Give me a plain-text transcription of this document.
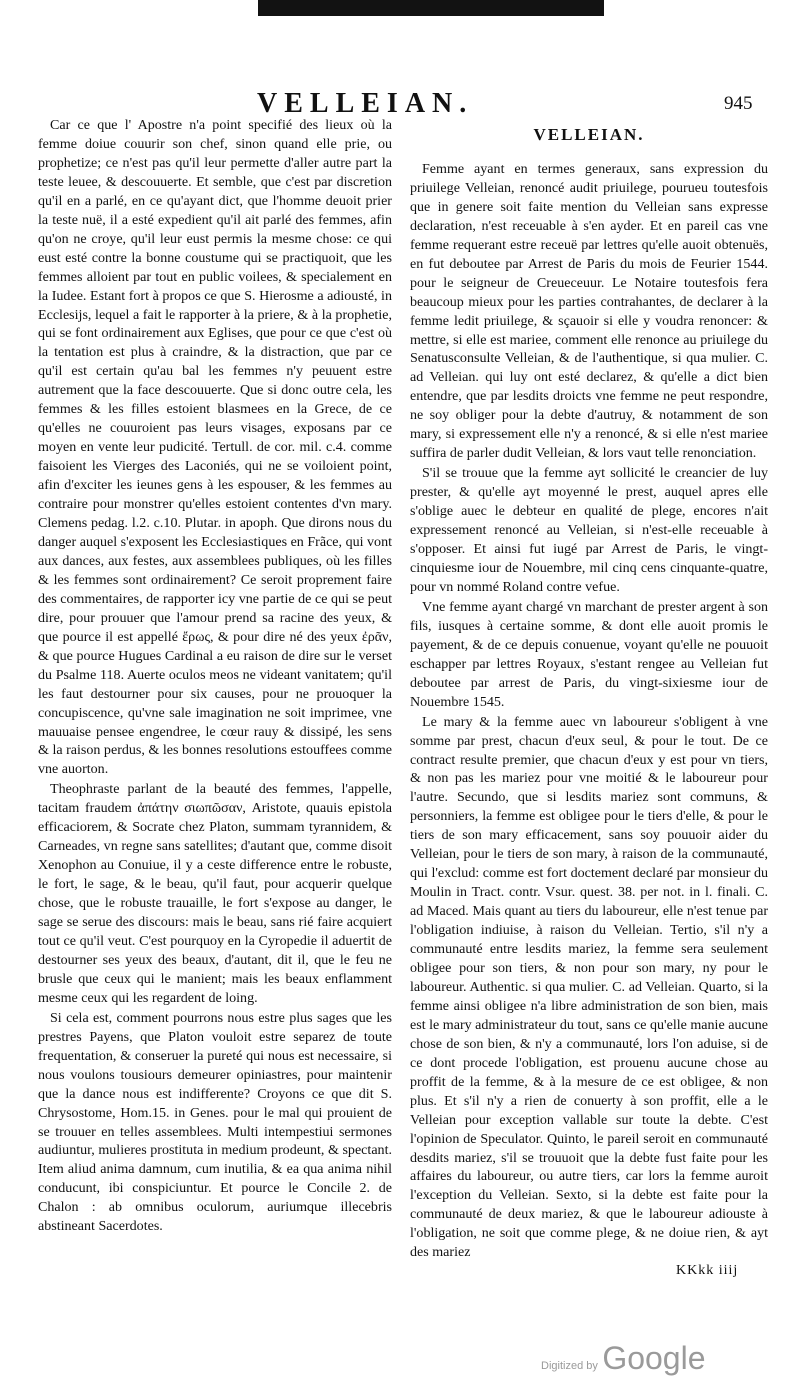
VELLEIAN.	945

Car ce que l' Apostre n'a point specifié des lieux où la femme doiue couurir son chef, sinon quand elle prie, ou prophetize; ce n'est pas qu'il leur permette d'aller autre part la teste leuee, & descouuerte. Et semble, que c'est par discretion qu'il en a parlé, en ce qu'ayant dict, que l'homme deuoit prier la teste nuë, il a esté expedient qu'il ait parlé des femmes, afin qu'on ne croye, qu'il leur eust permis la mesme chose: ce qui eust esté contre la bonne coustume qui se practiquoit, que les femmes alloient par tout en public voilees, & specialement en la Iudee. Estant fort à propos ce que S. Hierosme a adiousté, in Ecclesijs, lequel a fait le rapporter à la priere, & à la prophetie, qui se font ordinairement aux Eglises, que pour ce que c'est où la tentation est plus à craindre, & la distraction, que par ce qu'il est certain qu'au bal les femmes n'y peuuent estre autrement que la face descouuerte. Que si donc outre cela, les femmes & les filles estoient blasmees en la Grece, de ce qu'elles ne couuroient pas leurs visages, exposans par ce moyen en vente leur pudicité. Tertull. de cor. mil. c.4. comme faisoient les Vierges des Laconiés, qui ne se voiloient point, afin d'exciter les ieunes gens à les espouser, & les femmes au contraire pour monstrer qu'elles estoient contentes d'vn mary. Clemens pedag. l.2. c.10. Plutar. in apoph. Que dirons nous du danger auquel s'exposent les Ecclesiastiques en Frãce, qui vont aux dances, aux festes, aux assemblees publiques, où les filles & les femmes sont ordinairement? Ce seroit proprement faire des commentaires, de rapporter icy vne partie de ce qui se peut dire, pour prouuer que l'amour prend sa racine des yeux, & que pource il est appellé ἔρως, & pour dire né des yeux ἐρᾶν, & que pource Hugues Cardinal a eu raison de dire sur le verset du Psalme 118. Auerte oculos meos ne videant vanitatem; qu'il les faut destourner pour six causes, pour ne prouoquer la concupiscence, qu'vne sale imagination ne soit imprimee, vne mauuaise pensee engendree, le cœur rauy & dissipé, les sens & la raison perdus, & les bonnes resolutions estouffees comme vne auorton.

Theophraste parlant de la beauté des femmes, l'appelle, tacitam fraudem ἀπάτην σιωπῶσαν, Aristote, quauis epistola efficaciorem, & Socrate chez Platon, summam tyrannidem, & Carneades, vn regne sans satellites; d'autant que, comme disoit Xenophon au Conuiue, il y a ceste difference entre le robuste, le fort, le sage, & le beau, qu'il faut, pour acquerir quelque chose, que le robuste trauaille, le fort s'expose au danger, le sage se serue des discours: mais le beau, sans rié faire acquiert tout ce qu'il veut. C'est pourquoy en la Cyropedie il aduertit de destourner ses yeux des beaux, d'autant, dit il, que le feu ne brusle que ceux qui le manient; mais les beaux enflamment mesme ceux qui les regardent de loing.

Si cela est, comment pourrons nous estre plus sages que les prestres Payens, que Platon vouloit estre separez de toute frequentation, & conseruer la pureté qui nous est necessaire, si nous voulons tousiours demeurer opiniastres, pour maintenir que la dance nous est indifferente? Croyons ce que dit S. Chrysostome, Hom.15. in Genes. pour le mal qui prouient de se trouuer en telles assemblees. Multi intempestiui sermones audiuntur, mulieres prostituta in medium prodeunt, & spectant. Item aliud anima damnum, cum inutilia, & ea qua anima nihil conducunt, ibi conspiciuntur. Et pource le Concile 2. de Chalon : ab omnibus oculorum, auriumque illecebris abstineant Sacerdotes.

VELLEIAN.

Femme ayant en termes generaux, sans expression du priuilege Velleian, renoncé audit priuilege, pourueu toutesfois que in genere soit faite mention du Velleian sans expresse declaration, n'est receuable à s'en ayder. Et en pareil cas vne femme requerant estre receuë par lettres qu'elle auoit obtenuës, en fut deboutee par Arrest de Paris du mois de Feurier 1544. pour le seigneur de Creueceuur. Le Notaire toutesfois fera beaucoup mieux pour les parties contrahantes, de declarer à la femme ledit priuilege, & sçauoir si elle y voudra renoncer: & mettre, si elle est mariee, comment elle renonce au priuilege du Senatusconsulte Velleian, & de l'authentique, si qua mulier. C. ad Velleian. qui luy ont esté declarez, & qu'elle a dict bien entendre, que par lesdits droicts vne femme ne peut respondre, ne soy obliger pour la debte d'autruy, & notamment de son mary, si expressement elle n'y a renoncé, & si elle n'est mariee suffira de parler dudit Velleian, & lors vaut telle renonciation.

S'il se trouue que la femme ayt sollicité le creancier de luy prester, & qu'elle ayt moyenné le prest, auquel apres elle s'oblige auec le debteur en qualité de plege, encores n'ait expressement renoncé au Velleian, si n'est-elle receuable à s'opposer. Et ainsi fut iugé par Arrest de Paris, le vingt-cinquiesme iour de Nouembre, mil cinq cens cinquante-quatre, pour vn nommé Roland contre vefue.

Vne femme ayant chargé vn marchant de prester argent à son fils, iusques à certaine somme, & dont elle auoit promis le payement, & de ce depuis conuenue, voyant qu'elle ne pouuoit eschapper par lettres Royaux, s'estant rengee au Velleian fut deboutee par arrest de Paris, du vingt-sixiesme iour de Nouembre 1545.

Le mary & la femme auec vn laboureur s'obligent à vne somme par prest, chacun d'eux seul, & pour le tout. De ce contract resulte premier, que chacun d'eux y est pour vn tiers, & non pas les mariez pour vne moitié & le laboureur pour l'autre. Secundo, que si lesdits mariez sont communs, & personniers, la femme est obligee pour le tiers d'elle, & pour le tiers de son mary efficacement, sans soy pouuoir aider du Velleian, pour le tiers de son mary, à raison de la communauté, qui l'exclud: comme est fort doctement declaré par monsieur du Moulin in Tract. contr. Vsur. quest. 38. per not. in l. finali. C. ad Maced. Mais quant au tiers du laboureur, elle n'est tenue par l'obligation indiuise, à raison du Velleian. Tertio, s'il n'y a communauté entre lesdits mariez, la femme sera seulement obligee pour son tiers, & non pour son mary, ny pour le laboureur. Authentic. si qua mulier. C. ad Velleian. Quarto, si la femme ainsi obligee n'a libre administration de son bien, mais est le mary administrateur du tout, sans ce qu'elle manie aucune chose de son bien, & n'y a communauté, lors l'on aduise, si de ce dont procede l'obligation, est prouenu aucune chose au proffit de la femme, & à la mesure de ce est obligee, & non plus. Et s'il n'y a rien de conuerty à son proffit, elle a le Velleian pour exception vallable sur toute la debte. C'est l'opinion de Speculator. Quinto, le pareil seroit en communauté desdits mariez, s'il se trouuoit que la debte fust faite pour les affaires du laboureur, ou autre tiers, car lors la femme auroit l'exception du Velleian. Sexto, si la debte est faite pour la communauté de deux mariez, & que le laboureur adiouste à l'obligation, ne soit que comme plege, & ne doiue rien, & ayt des mariez

KKkk iiij
Digitized by Google
